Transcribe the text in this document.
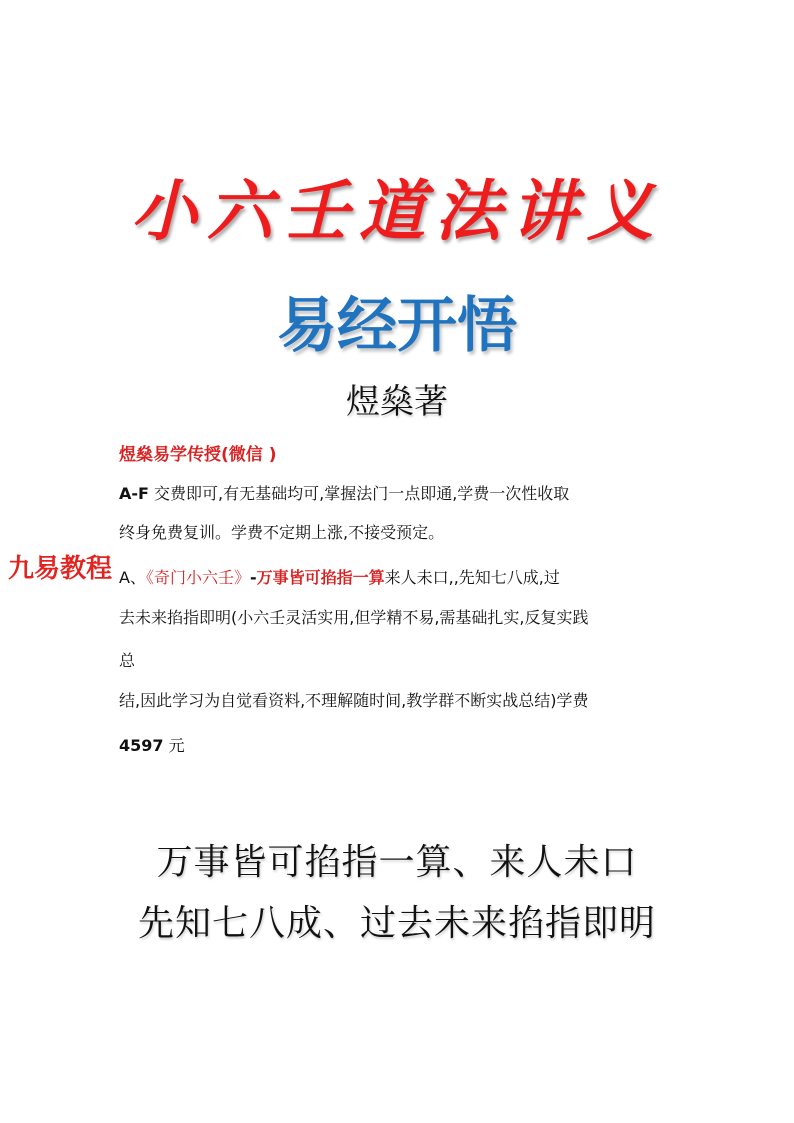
小六壬道法讲义
易经开悟
煜燊著
煜燊易学传授(微信 )
A-F 交费即可,有无基础均可,掌握法门一点即通,学费一次性收取
终身免费复训。学费不定期上涨,不接受预定。
A、《奇门小六壬》-万事皆可掐指一算来人未口,,先知七八成,过
去未来掐指即明(小六壬灵活实用,但学精不易,需基础扎实,反复实践
总
结,因此学习为自觉看资料,不理解随时间,教学群不断实战总结)学费
4597 元
九易教程
万事皆可掐指一算、来人未口
先知七八成、过去未来掐指即明
